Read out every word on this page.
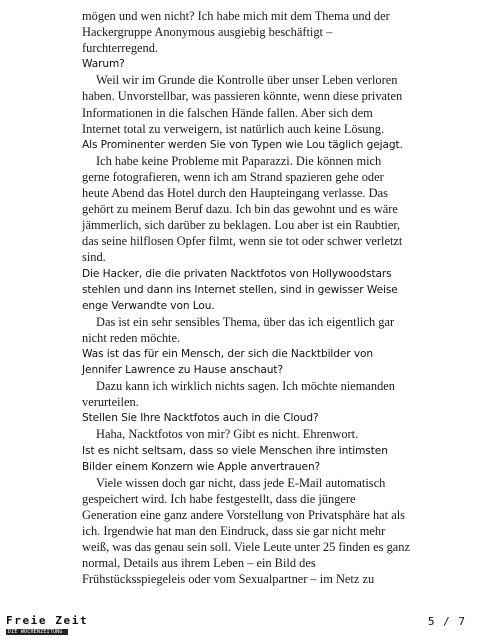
mögen und wen nicht? Ich habe mich mit dem Thema und der Hackergruppe Anonymous ausgiebig beschäftigt – furchterregend.

Warum?

Weil wir im Grunde die Kontrolle über unser Leben verloren haben. Unvorstellbar, was passieren könnte, wenn diese privaten Informationen in die falschen Hände fallen. Aber sich dem Internet total zu verweigern, ist natürlich auch keine Lösung.

Als Prominenter werden Sie von Typen wie Lou täglich gejagt.

Ich habe keine Probleme mit Paparazzi. Die können mich gerne fotografieren, wenn ich am Strand spazieren gehe oder heute Abend das Hotel durch den Haupteingang verlasse. Das gehört zu meinem Beruf dazu. Ich bin das gewohnt und es wäre jämmerlich, sich darüber zu beklagen. Lou aber ist ein Raubtier, das seine hilflosen Opfer filmt, wenn sie tot oder schwer verletzt sind.

Die Hacker, die die privaten Nacktfotos von Hollywoodstars stehlen und dann ins Internet stellen, sind in gewisser Weise enge Verwandte von Lou.

Das ist ein sehr sensibles Thema, über das ich eigentlich gar nicht reden möchte.

Was ist das für ein Mensch, der sich die Nacktbilder von Jennifer Lawrence zu Hause anschaut?

Dazu kann ich wirklich nichts sagen. Ich möchte niemanden verurteilen.

Stellen Sie Ihre Nacktfotos auch in die Cloud?

Haha, Nacktfotos von mir? Gibt es nicht. Ehrenwort.

Ist es nicht seltsam, dass so viele Menschen ihre intimsten Bilder einem Konzern wie Apple anvertrauen?

Viele wissen doch gar nicht, dass jede E-Mail automatisch gespeichert wird. Ich habe festgestellt, dass die jüngere Generation eine ganz andere Vorstellung von Privatsphäre hat als ich. Irgendwie hat man den Eindruck, dass sie gar nicht mehr weiß, was das genau sein soll. Viele Leute unter 25 finden es ganz normal, Details aus ihrem Leben – ein Bild des Frühstücksspiegeleis oder vom Sexualpartner – im Netz zu

Freie Zeit
DIE WOCHENZEITUNG
5 / 7
